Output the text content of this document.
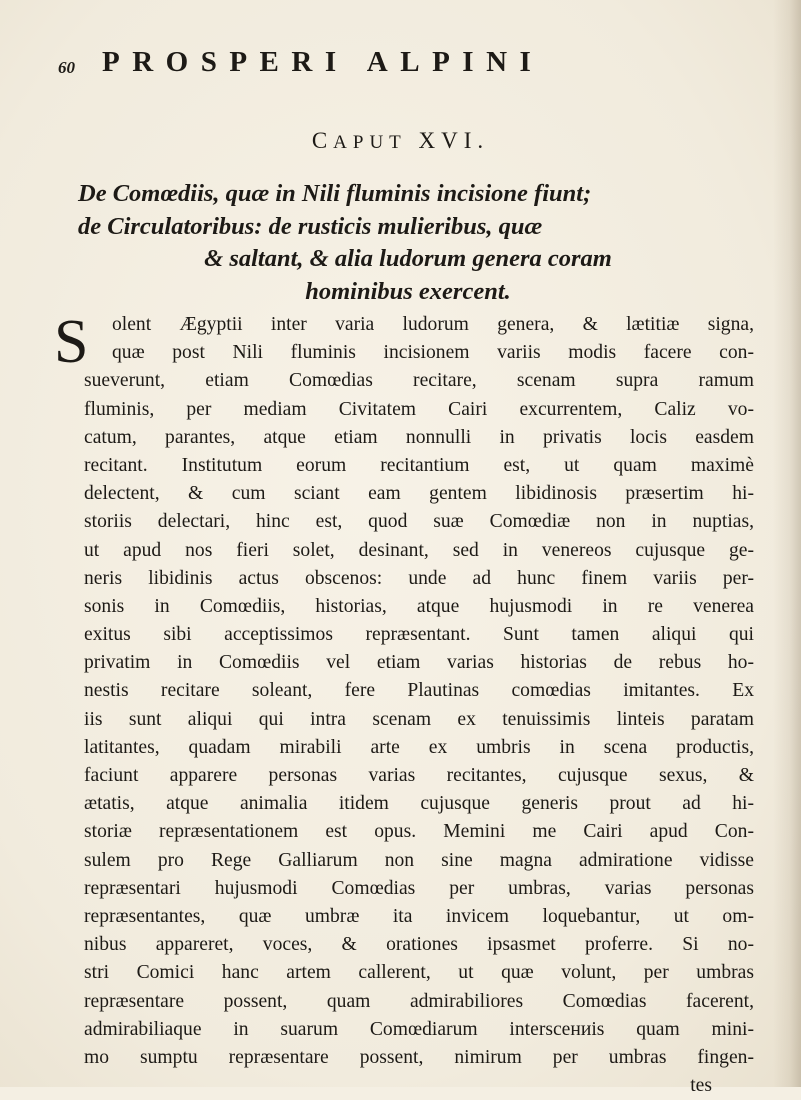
60 PROSPERI ALPINI
CAPUT XVI.
De Comœdiis, quæ in Nili fluminis incisione fiunt;
de Circulatoribus: de rusticis mulieribus, quæ
& saltant, & alia ludorum genera coram
hominibus exercent.
S	olent Ægyptii inter varia ludorum genera, & lætitiæ signa,
quæ post Nili fluminis incisionem variis modis facere con-
sueverunt, etiam Comœdias recitare, scenam supra ramum
fluminis, per mediam Civitatem Cairi excurrentem, Caliz vo-
catum, parantes, atque etiam nonnulli in privatis locis easdem
recitant. Institutum eorum recitantium est, ut quam maximè
delectent, & cum sciant eam gentem libidinosis præsertim hi-
storiis delectari, hinc est, quod suæ Comœdiæ non in nuptias,
ut apud nos fieri solet, desinant, sed in venereos cujusque ge-
neris libidinis actus obscenos: unde ad hunc finem variis per-
sonis in Comœdiis, historias, atque hujusmodi in re venerea
exitus sibi acceptissimos repræsentant. Sunt tamen aliqui qui
privatim in Comœdiis vel etiam varias historias de rebus ho-
nestis recitare soleant, fere Plautinas comœdias imitantes. Ex
iis sunt aliqui qui intra scenam ex tenuissimis linteis paratam
latitantes, quadam mirabili arte ex umbris in scena productis,
faciunt apparere personas varias recitantes, cujusque sexus, &
ætatis, atque animalia itidem cujusque generis prout ad hi-
storiæ repræsentationem est opus. Memini me Cairi apud Con-
sulem pro Rege Galliarum non sine magna admiratione vidisse
repræsentari hujusmodi Comœdias per umbras, varias personas
repræsentantes, quæ umbræ ita invicem loquebantur, ut om-
nibus appareret, voces, & orationes ipsasmet proferre. Si no-
stri Comici hanc artem callerent, ut quæ volunt, per umbras
repræsentare possent, quam admirabiliores Comœdias facerent,
admirabiliaque in suarum Comœdiarum interscениis quam mini-
mo sumptu repræsentare possent, nimirum per umbras fingen-
tes
